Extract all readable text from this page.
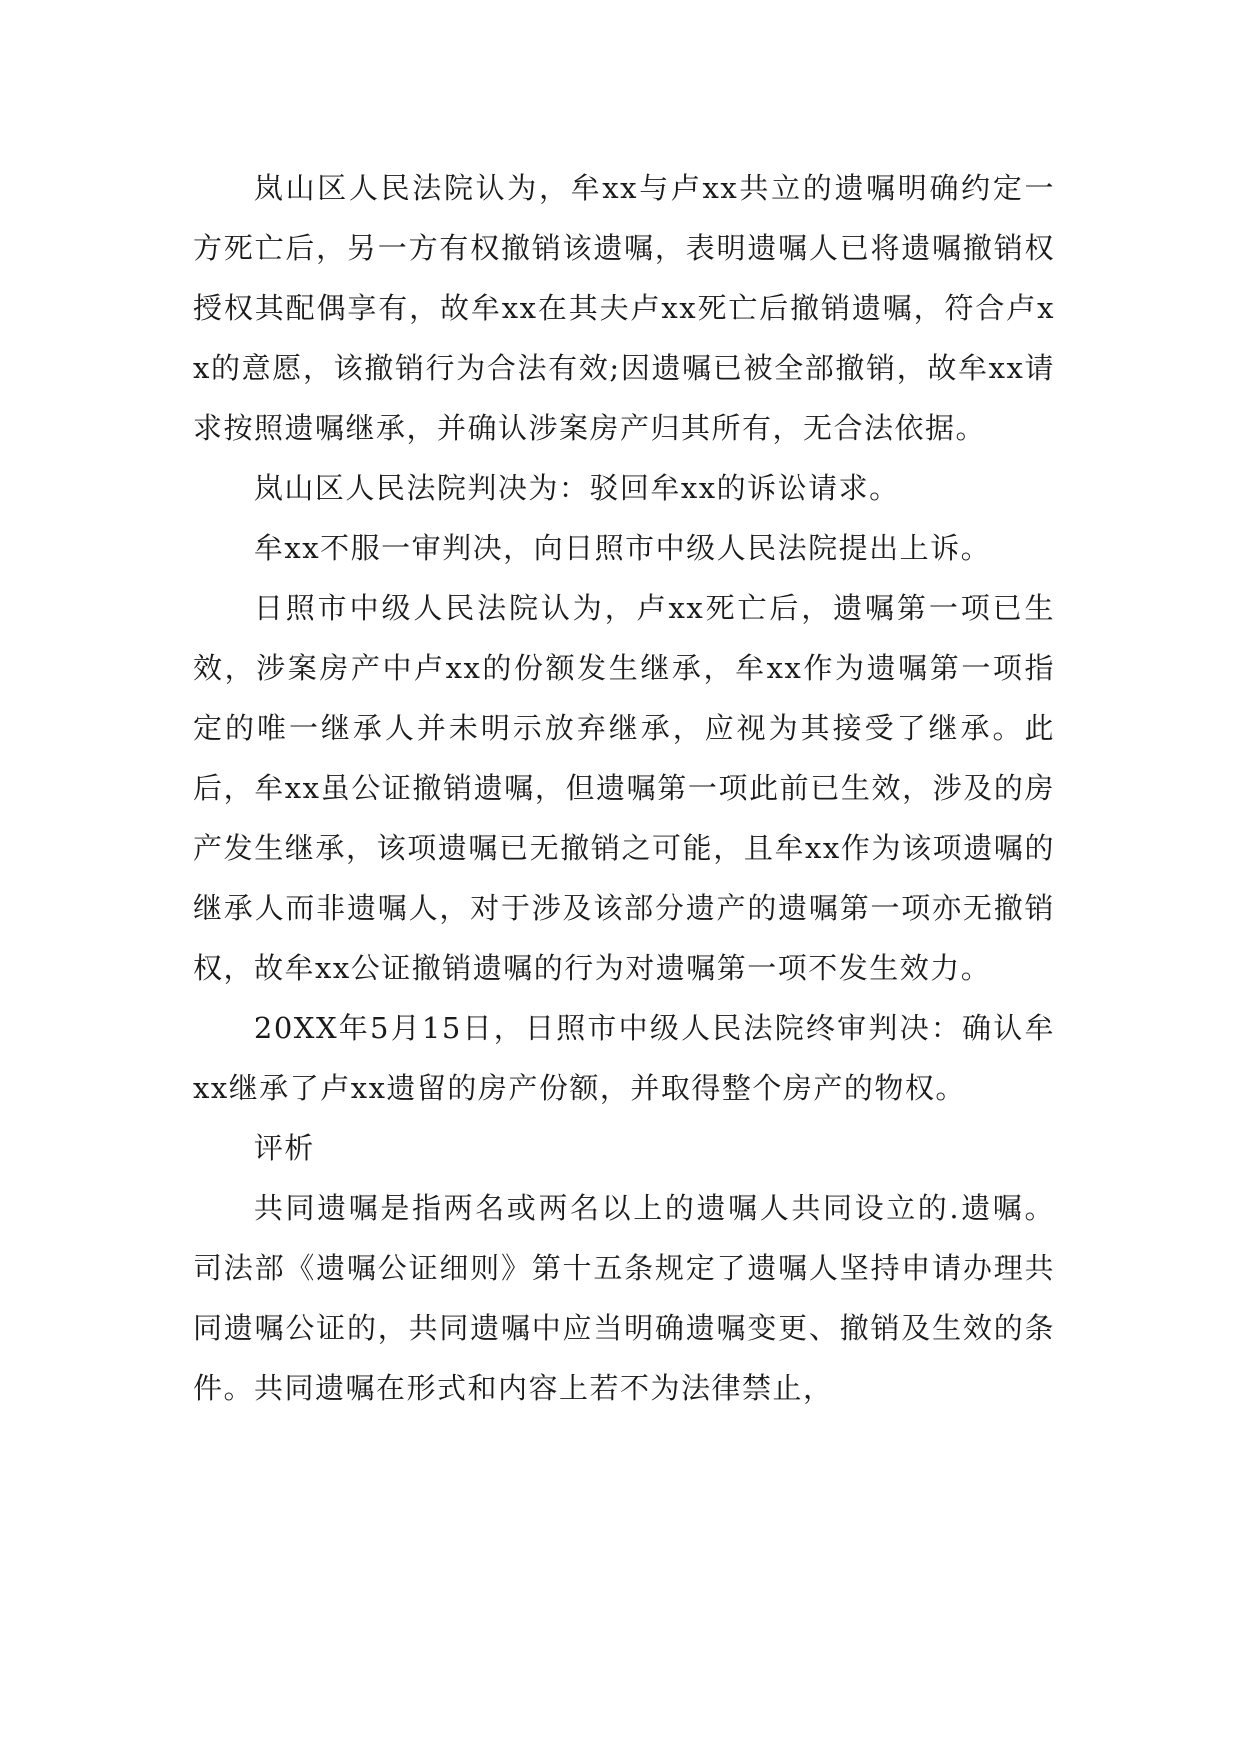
岚山区人民法院认为，牟xx与卢xx共立的遗嘱明确约定一方死亡后，另一方有权撤销该遗嘱，表明遗嘱人已将遗嘱撤销权授权其配偶享有，故牟xx在其夫卢xx死亡后撤销遗嘱，符合卢xx的意愿，该撤销行为合法有效;因遗嘱已被全部撤销，故牟xx请求按照遗嘱继承，并确认涉案房产归其所有，无合法依据。

岚山区人民法院判决为：驳回牟xx的诉讼请求。

牟xx不服一审判决，向日照市中级人民法院提出上诉。

日照市中级人民法院认为，卢xx死亡后，遗嘱第一项已生效，涉案房产中卢xx的份额发生继承，牟xx作为遗嘱第一项指定的唯一继承人并未明示放弃继承，应视为其接受了继承。此后，牟xx虽公证撤销遗嘱，但遗嘱第一项此前已生效，涉及的房产发生继承，该项遗嘱已无撤销之可能，且牟xx作为该项遗嘱的继承人而非遗嘱人，对于涉及该部分遗产的遗嘱第一项亦无撤销权，故牟xx公证撤销遗嘱的行为对遗嘱第一项不发生效力。

20XX年5月15日，日照市中级人民法院终审判决：确认牟xx继承了卢xx遗留的房产份额，并取得整个房产的物权。

评析

共同遗嘱是指两名或两名以上的遗嘱人共同设立的.遗嘱。司法部《遗嘱公证细则》第十五条规定了遗嘱人坚持申请办理共同遗嘱公证的，共同遗嘱中应当明确遗嘱变更、撤销及生效的条件。共同遗嘱在形式和内容上若不为法律禁止，
